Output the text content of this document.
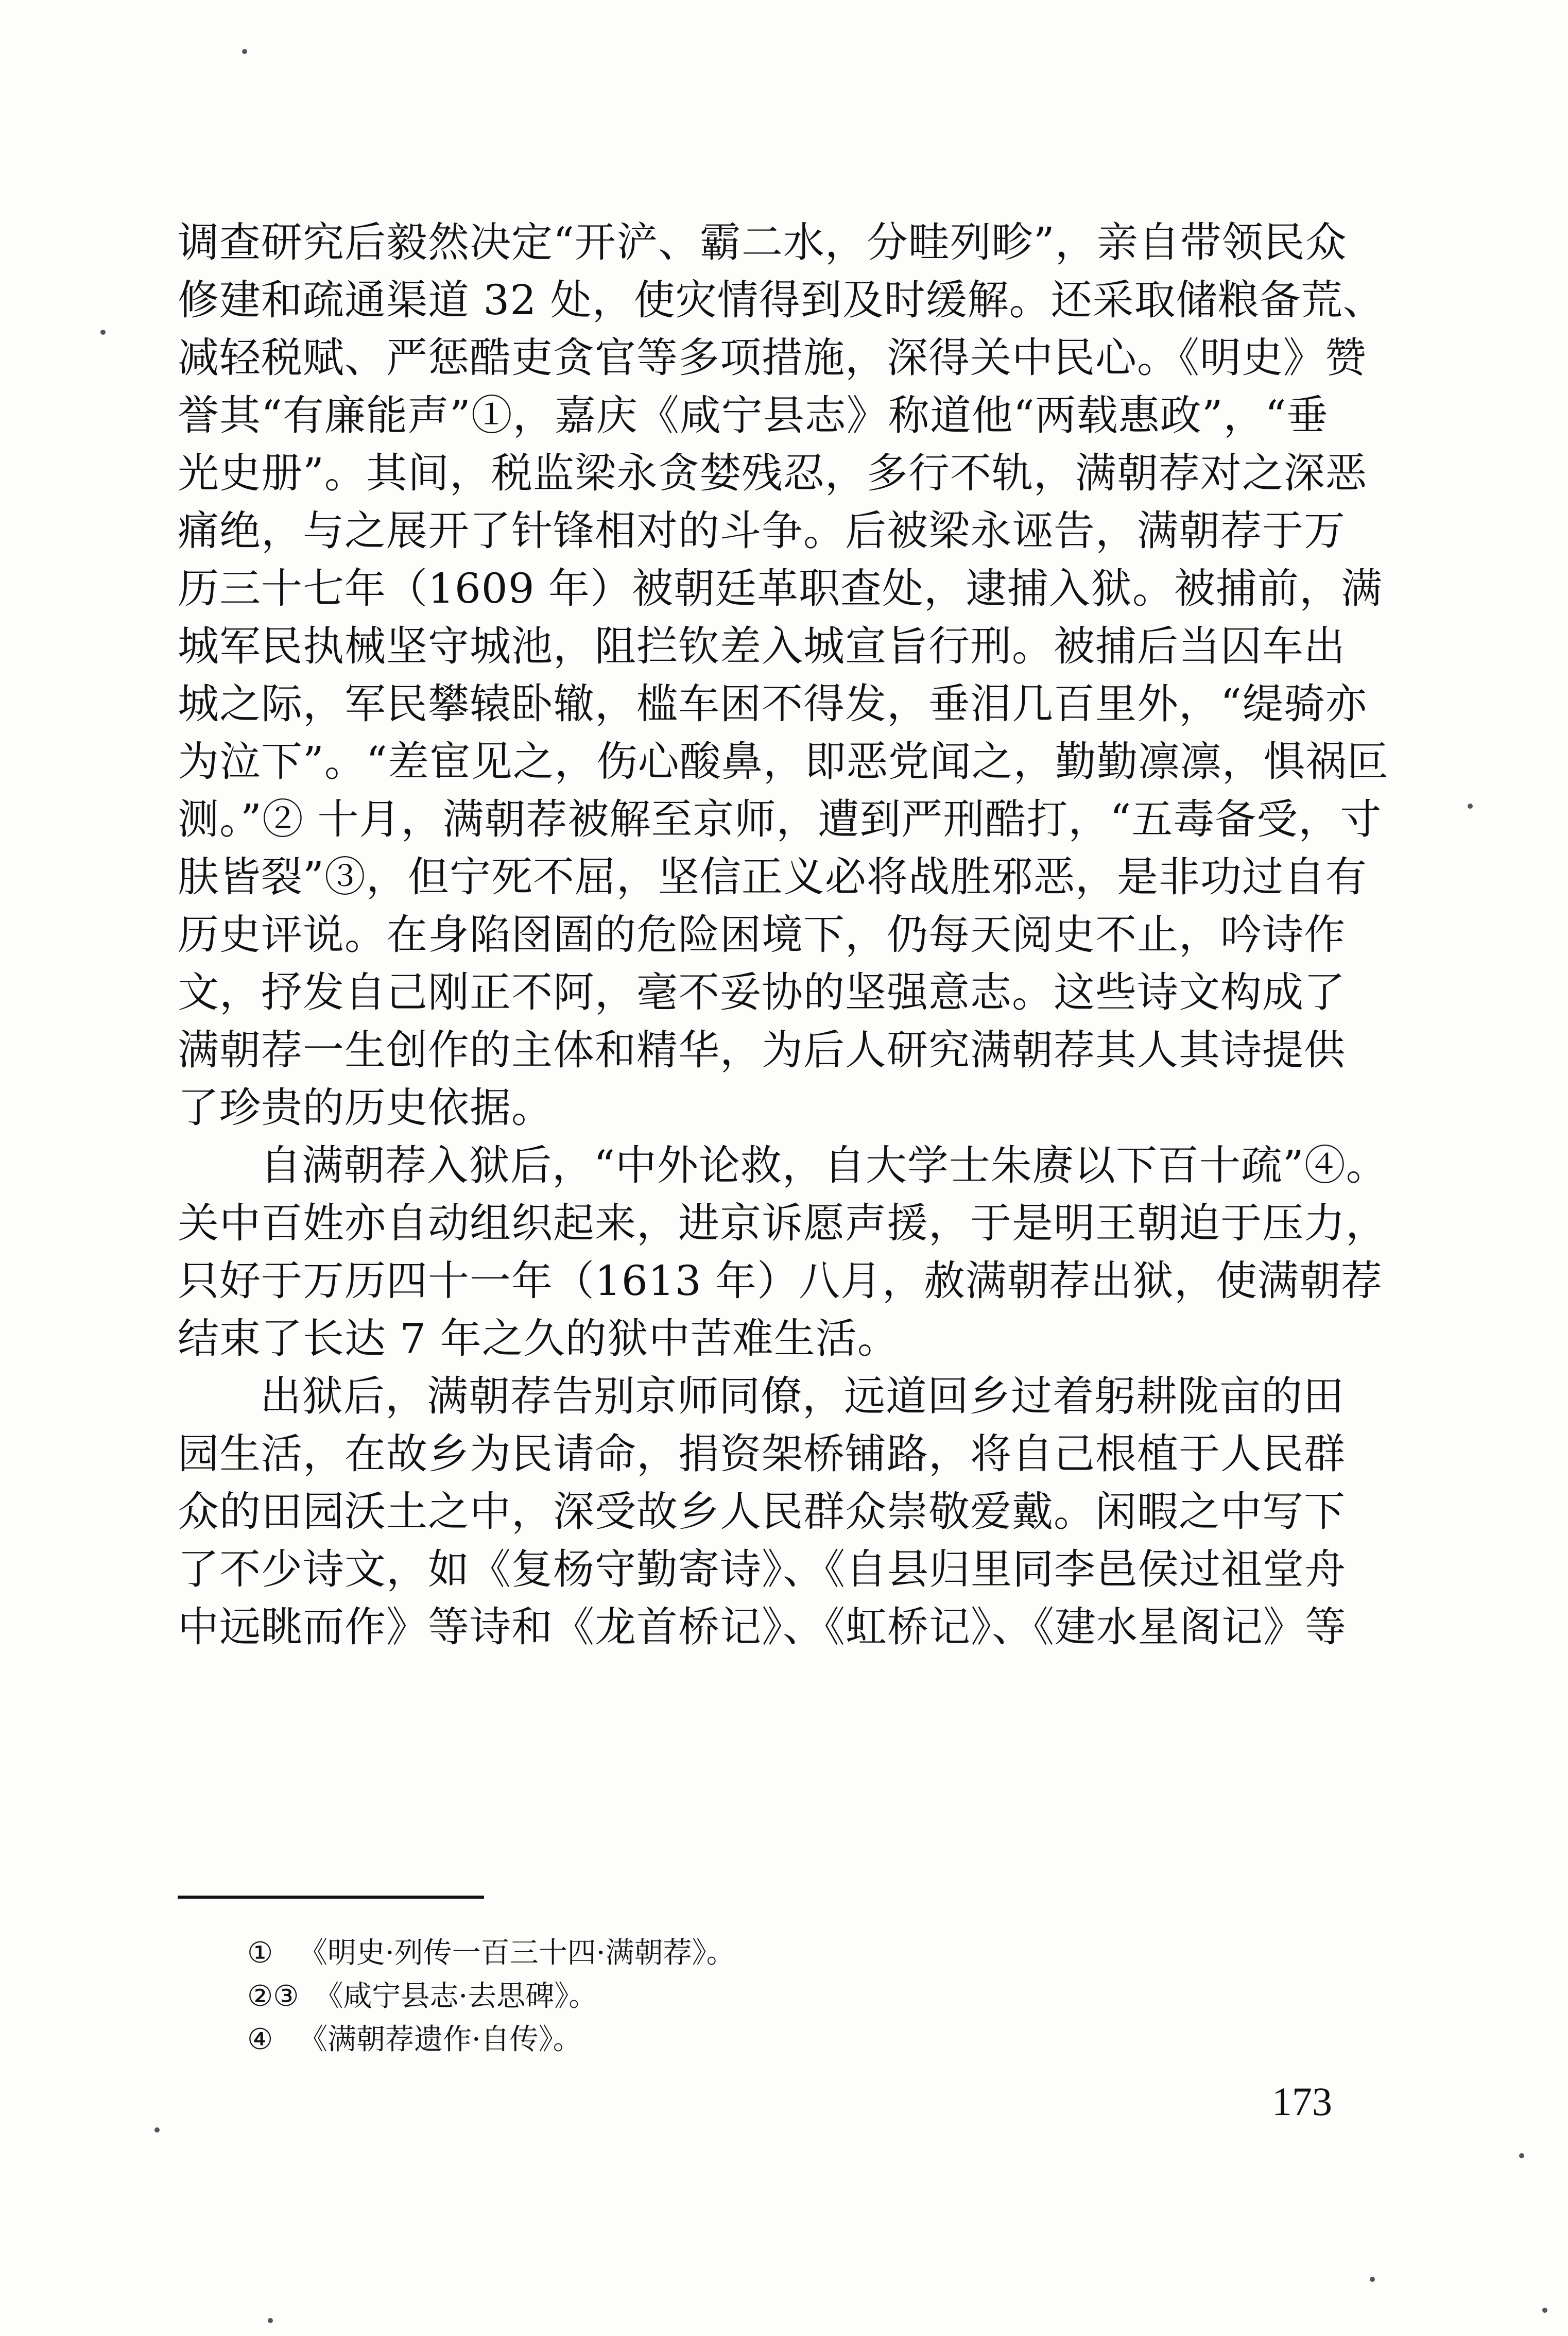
调查研究后毅然决定“开浐、霸二水，分畦列畛”，亲自带领民众
修建和疏通渠道 32 处，使灾情得到及时缓解。还采取储粮备荒、
减轻税赋、严惩酷吏贪官等多项措施，深得关中民心。《明史》赞
誉其“有廉能声”①，嘉庆《咸宁县志》称道他“两载惠政”，“垂
光史册”。其间，税监梁永贪婪残忍，多行不轨，满朝荐对之深恶
痛绝，与之展开了针锋相对的斗争。后被梁永诬告，满朝荐于万
历三十七年（1609 年）被朝廷革职查处，逮捕入狱。被捕前，满
城军民执械坚守城池，阻拦钦差入城宣旨行刑。被捕后当囚车出
城之际，军民攀辕卧辙，槛车困不得发，垂泪几百里外，“缇骑亦
为泣下”。“差宦见之，伤心酸鼻，即恶党闻之，勤勤凛凛，惧祸叵
测。”② 十月，满朝荐被解至京师，遭到严刑酷打，“五毒备受，寸
肤皆裂”③，但宁死不屈，坚信正义必将战胜邪恶，是非功过自有
历史评说。在身陷囹圄的危险困境下，仍每天阅史不止，吟诗作
文，抒发自己刚正不阿，毫不妥协的坚强意志。这些诗文构成了
满朝荐一生创作的主体和精华，为后人研究满朝荐其人其诗提供
了珍贵的历史依据。
自满朝荐入狱后，“中外论救，自大学士朱赓以下百十疏”④。
关中百姓亦自动组织起来，进京诉愿声援，于是明王朝迫于压力，
只好于万历四十一年（1613 年）八月，赦满朝荐出狱，使满朝荐
结束了长达 7 年之久的狱中苦难生活。
出狱后，满朝荐告别京师同僚，远道回乡过着躬耕陇亩的田
园生活，在故乡为民请命，捐资架桥铺路，将自己根植于人民群
众的田园沃土之中，深受故乡人民群众崇敬爱戴。闲暇之中写下
了不少诗文，如《复杨守勤寄诗》、《自县归里同李邑侯过祖堂舟
中远眺而作》等诗和《龙首桥记》、《虹桥记》、《建水星阁记》等
① 《明史·列传一百三十四·满朝荐》。
②③ 《咸宁县志·去思碑》。
④ 《满朝荐遗作·自传》。
173
